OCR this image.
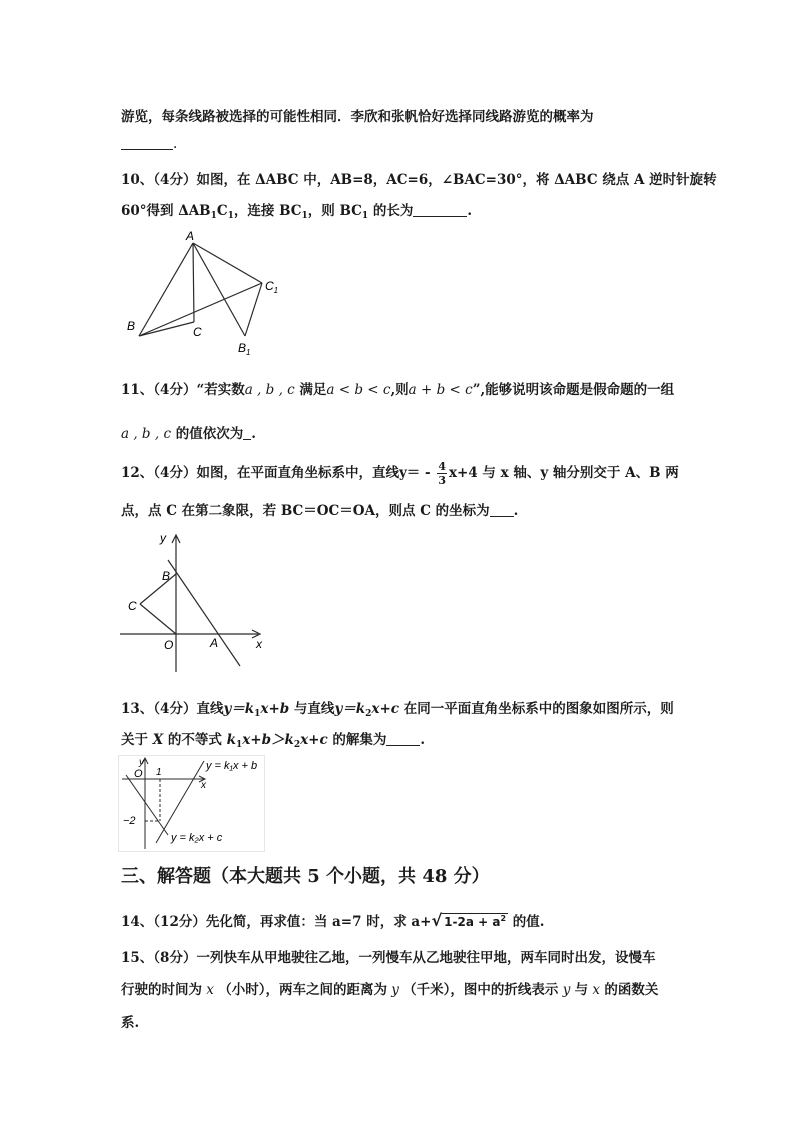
游览，每条线路被选择的可能性相同．李欣和张帆恰好选择同线路游览的概率为
.
10、（4分）如图，在 ΔABC 中，AB=8，AC=6，∠BAC=30°，将 ΔABC 绕点 A 逆时针旋转
60°得到 $\Delta AB_1C_1$，连接 $BC_1$，则 $BC_1$ 的长为	.
A
B	C
$C_1$
$B_1$
11、（4分）“若实数a , b , c 满足a < b < c,则a + b < c”,能够说明该命题是假命题的一组
a , b , c 的值依次为 .
12、（4分）如图，在平面直角坐标系中，直线$y= - \frac{4}{3} x+4$ 与 x 轴、y 轴分别交于 A、B 两
点，点 C 在第二象限，若 BC＝OC＝OA，则点 C 的坐标为 .
y
x
B
C
O	A
13、（4分）直线$y=k_1x+b$ 与直线$y=k_2x+c$ 在同一平面直角坐标系中的图象如图所示，则
关于 X 的不等式 $k_1x+b>k_2x+c$ 的解集为	.
y
O 1
x
−2
y = k₁x + b
y = k₂x + c
三、解答题（本大题共 5 个小题，共 48 分）
14、（12分）先化简，再求值：当 a=7 时，求 a+√ $1-2a + a^2$ 的值.
15、（8分）一列快车从甲地驶往乙地，一列慢车从乙地驶往甲地，两车同时出发，设慢车
行驶的时间为 x （小时），两车之间的距离为 y （千米），图中的折线表示 y 与 x 的函数关
系.
